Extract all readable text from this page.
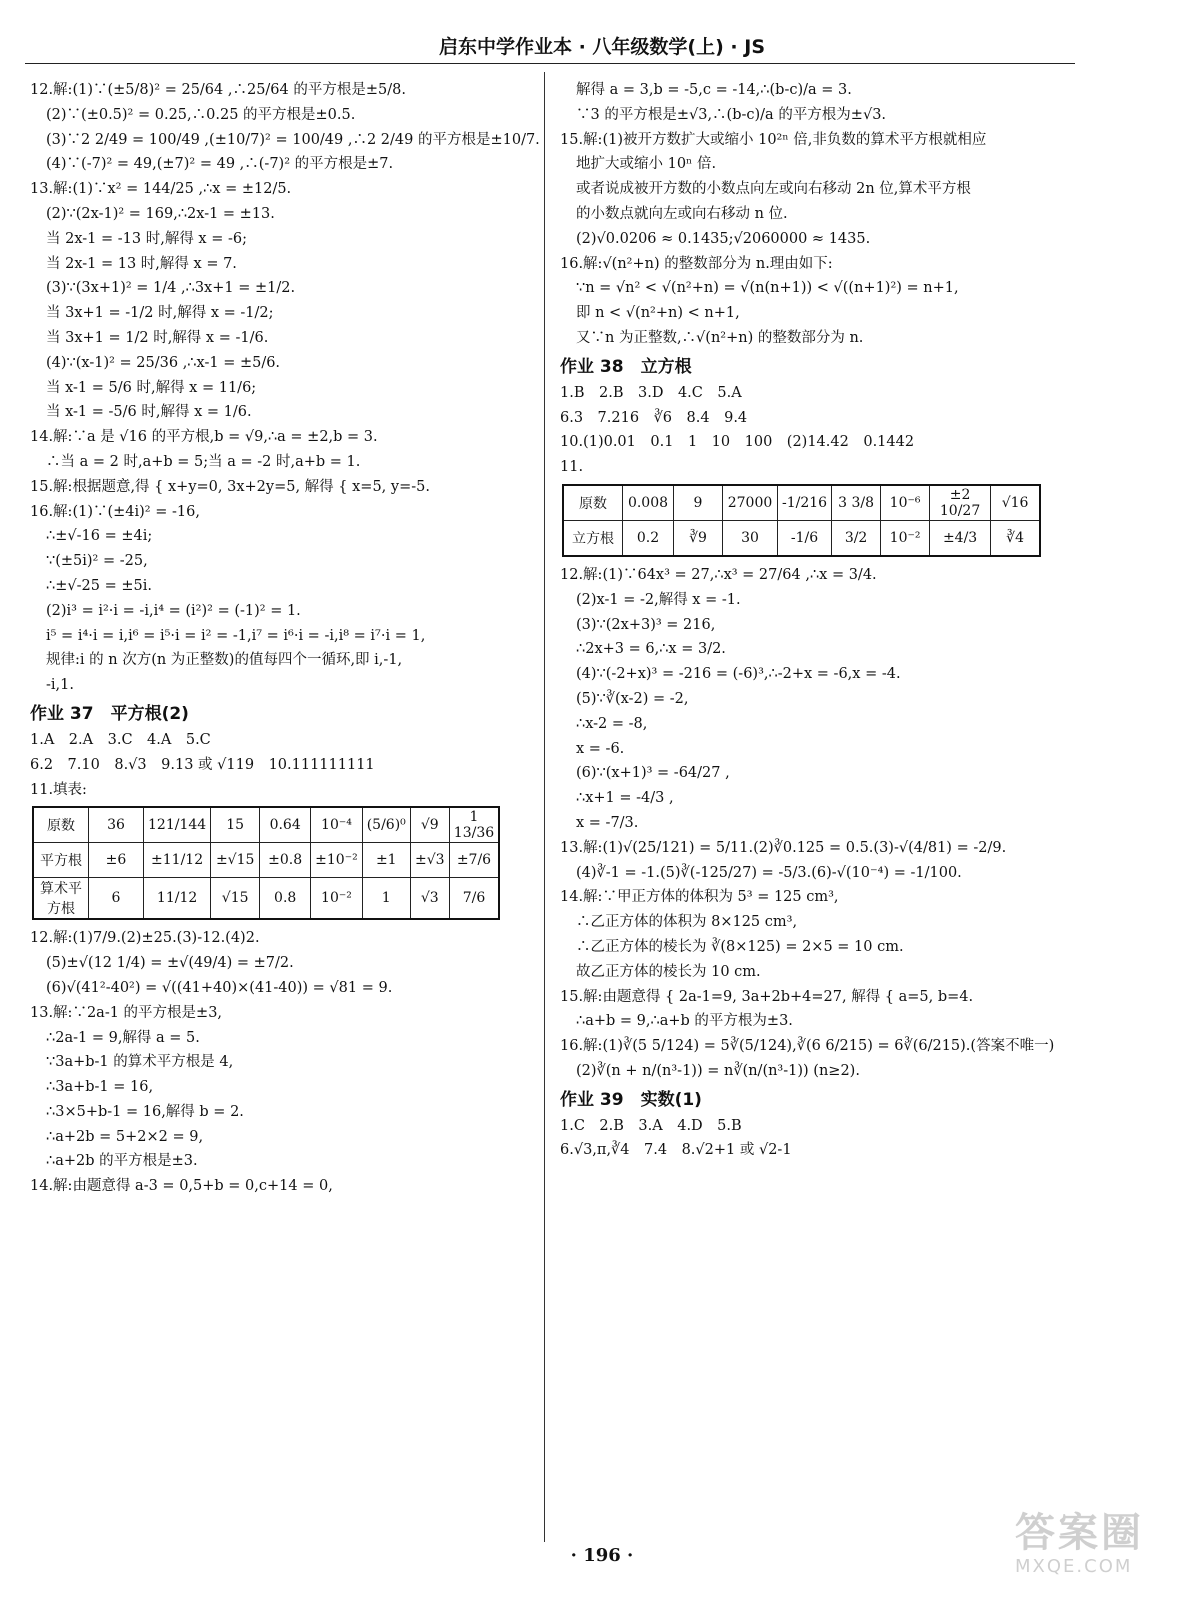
启东中学作业本 · 八年级数学(上) · JS
12.解:(1)∵(±5/8)² = 25/64 ,∴25/64 的平方根是±5/8.
(2)∵(±0.5)² = 0.25,∴0.25 的平方根是±0.5.
(3)∵2 2/49 = 100/49 ,(±10/7)² = 100/49 ,∴2 2/49 的平方根是±10/7.
(4)∵(-7)² = 49,(±7)² = 49 ,∴(-7)² 的平方根是±7.
13.解:(1)∵x² = 144/25 ,∴x = ±12/5.
(2)∵(2x-1)² = 169,∴2x-1 = ±13.
当 2x-1 = -13 时,解得 x = -6;
当 2x-1 = 13 时,解得 x = 7.
(3)∵(3x+1)² = 1/4 ,∴3x+1 = ±1/2.
当 3x+1 = -1/2 时,解得 x = -1/2;
当 3x+1 = 1/2 时,解得 x = -1/6.
(4)∵(x-1)² = 25/36 ,∴x-1 = ±5/6.
当 x-1 = 5/6 时,解得 x = 11/6;
当 x-1 = -5/6 时,解得 x = 1/6.
14.解:∵a 是 √16 的平方根,b = √9,∴a = ±2,b = 3.
∴当 a = 2 时,a+b = 5;当 a = -2 时,a+b = 1.
15.解:根据题意,得 { x+y=0, 3x+2y=5, 解得 { x=5, y=-5.
16.解:(1)∵(±4i)² = -16,
∴±√-16 = ±4i;
∵(±5i)² = -25,
∴±√-25 = ±5i.
(2)i³ = i²·i = -i,i⁴ = (i²)² = (-1)² = 1.
i⁵ = i⁴·i = i,i⁶ = i⁵·i = i² = -1,i⁷ = i⁶·i = -i,i⁸ = i⁷·i = 1,
规律:i 的 n 次方(n 为正整数)的值每四个一循环,即 i,-1,
-i,1.
作业 37　平方根(2)
1.A　2.A　3.C　4.A　5.C
6.2　7.10　8.√3　9.13 或 √119　10.111111111
11.填表:
原数	36	121/144	15	0.64	10⁻⁴	(5/6)⁰	√9	1 13/36
平方根	±6	±11/12	±√15	±0.8	±10⁻²	±1	±√3	±7/6
算术平方根	6	11/12	√15	0.8	10⁻²	1	√3	7/6
12.解:(1)7/9.(2)±25.(3)-12.(4)2.
(5)±√(12 1/4) = ±√(49/4) = ±7/2.
(6)√(41²-40²) = √((41+40)×(41-40)) = √81 = 9.
13.解:∵2a-1 的平方根是±3,
∴2a-1 = 9,解得 a = 5.
∵3a+b-1 的算术平方根是 4,
∴3a+b-1 = 16,
∴3×5+b-1 = 16,解得 b = 2.
∴a+2b = 5+2×2 = 9,
∴a+2b 的平方根是±3.
14.解:由题意得 a-3 = 0,5+b = 0,c+14 = 0,
解得 a = 3,b = -5,c = -14,∴(b-c)/a = 3.
∵3 的平方根是±√3,∴(b-c)/a 的平方根为±√3.
15.解:(1)被开方数扩大或缩小 10²ⁿ 倍,非负数的算术平方根就相应
地扩大或缩小 10ⁿ 倍.
或者说成被开方数的小数点向左或向右移动 2n 位,算术平方根
的小数点就向左或向右移动 n 位.
(2)√0.0206 ≈ 0.1435;√2060000 ≈ 1435.
16.解:√(n²+n) 的整数部分为 n.理由如下:
∵n = √n² < √(n²+n) = √(n(n+1)) < √((n+1)²) = n+1,
即 n < √(n²+n) < n+1,
又∵n 为正整数,∴√(n²+n) 的整数部分为 n.
作业 38　立方根
1.B　2.B　3.D　4.C　5.A
6.3　7.216　∛6　8.4　9.4
10.(1)0.01　0.1　1　10　100　(2)14.42　0.1442
11.
原数	0.008	9	27000	-1/216	3 3/8	10⁻⁶	±2 10/27	√16
立方根	0.2	∛9	30	-1/6	3/2	10⁻²	±4/3	∛4
12.解:(1)∵64x³ = 27,∴x³ = 27/64 ,∴x = 3/4.
(2)x-1 = -2,解得 x = -1.
(3)∵(2x+3)³ = 216,
∴2x+3 = 6,∴x = 3/2.
(4)∵(-2+x)³ = -216 = (-6)³,∴-2+x = -6,x = -4.
(5)∵∛(x-2) = -2,
∴x-2 = -8,
x = -6.
(6)∵(x+1)³ = -64/27 ,
∴x+1 = -4/3 ,
x = -7/3.
13.解:(1)√(25/121) = 5/11.(2)∛0.125 = 0.5.(3)-√(4/81) = -2/9.
(4)∛-1 = -1.(5)∛(-125/27) = -5/3.(6)-√(10⁻⁴) = -1/100.
14.解:∵甲正方体的体积为 5³ = 125 cm³,
∴乙正方体的体积为 8×125 cm³,
∴乙正方体的棱长为 ∛(8×125) = 2×5 = 10 cm.
故乙正方体的棱长为 10 cm.
15.解:由题意得 { 2a-1=9, 3a+2b+4=27, 解得 { a=5, b=4.
∴a+b = 9,∴a+b 的平方根为±3.
16.解:(1)∛(5 5/124) = 5∛(5/124),∛(6 6/215) = 6∛(6/215).(答案不唯一)
(2)∛(n + n/(n³-1)) = n∛(n/(n³-1)) (n≥2).
作业 39　实数(1)
1.C　2.B　3.A　4.D　5.B
6.√3,π,∛4　7.4　8.√2+1 或 √2-1
· 196 ·	答案圈
MXQE.COM
